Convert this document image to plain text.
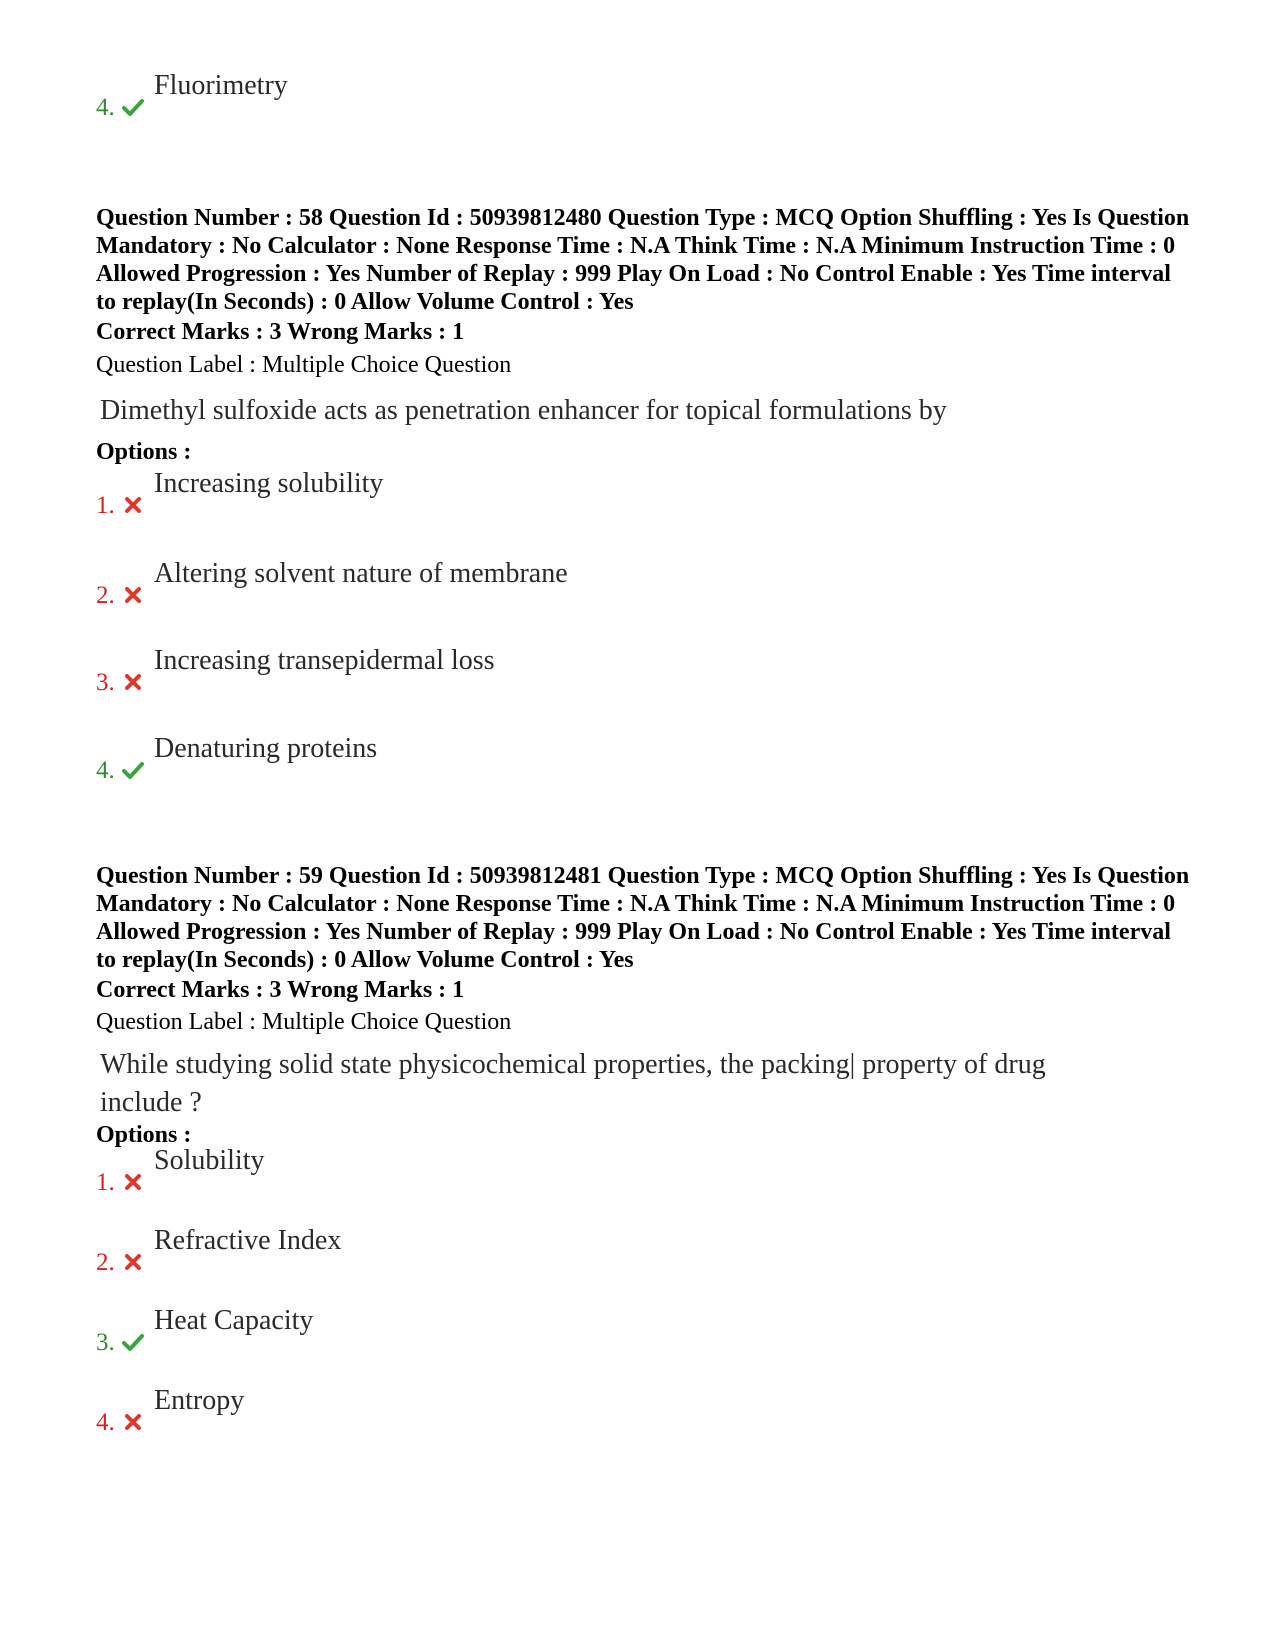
4.
Fluorimetry
Question Number : 58 Question Id : 50939812480 Question Type : MCQ Option Shuffling : Yes Is Question Mandatory : No Calculator : None Response Time : N.A Think Time : N.A Minimum Instruction Time : 0 Allowed Progression : Yes Number of Replay : 999 Play On Load : No Control Enable : Yes Time interval to replay(In Seconds) : 0 Allow Volume Control : Yes
Correct Marks : 3 Wrong Marks : 1
Question Label : Multiple Choice Question
Dimethyl sulfoxide acts as penetration enhancer for topical formulations by
Options :
1.
Increasing solubility
2.
Altering solvent nature of membrane
3.
Increasing transepidermal loss
4.
Denaturing proteins
Question Number : 59 Question Id : 50939812481 Question Type : MCQ Option Shuffling : Yes Is Question Mandatory : No Calculator : None Response Time : N.A Think Time : N.A Minimum Instruction Time : 0 Allowed Progression : Yes Number of Replay : 999 Play On Load : No Control Enable : Yes Time interval to replay(In Seconds) : 0 Allow Volume Control : Yes
Correct Marks : 3 Wrong Marks : 1
Question Label : Multiple Choice Question
While studying solid state physicochemical properties, the packing| property of drug include ?
Options :
1.
Solubility
2.
Refractive Index
3.
Heat Capacity
4.
Entropy
